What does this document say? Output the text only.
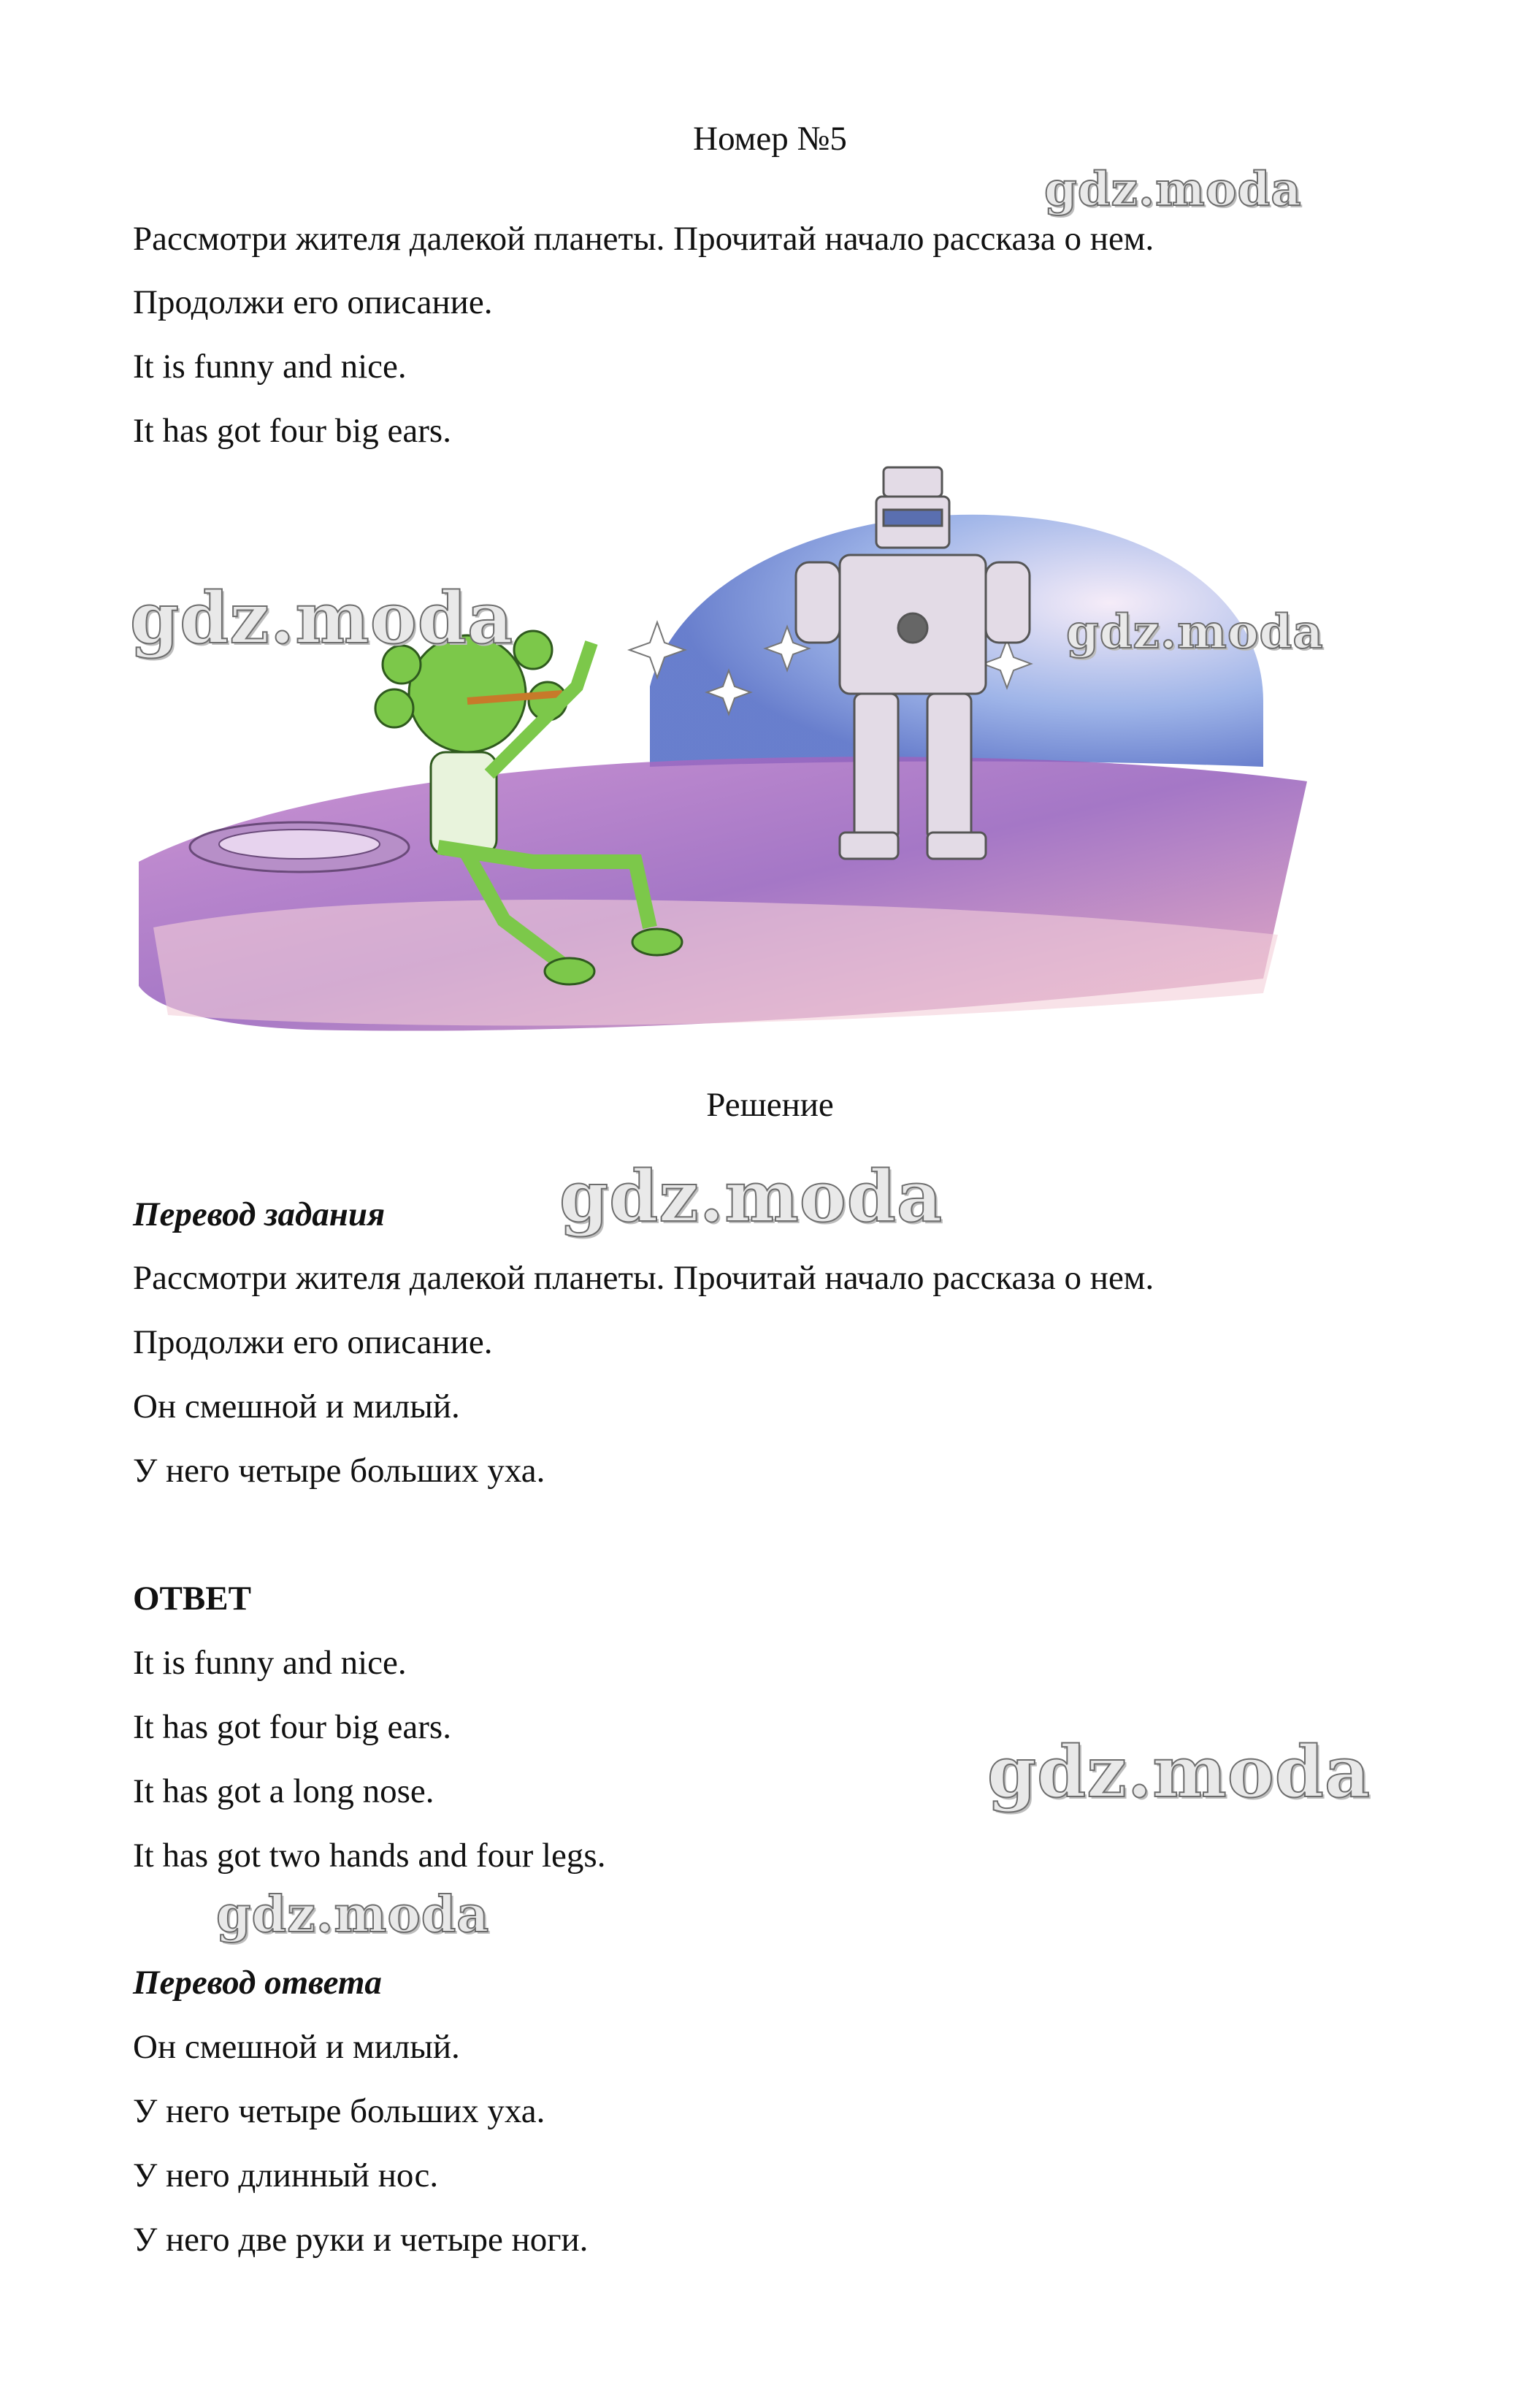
Номер №5
Рассмотри жителя далекой планеты. Прочитай начало рассказа о нем.
Продолжи его описание.
It is funny and nice.
It has got four big ears.
Решение
Перевод задания
Рассмотри жителя далекой планеты. Прочитай начало рассказа о нем.
Продолжи его описание.
Он смешной и милый.
У него четыре больших уха.
ОТВЕТ
It is funny and nice.
It has got four big ears.
It has got a long nose.
It has got two hands and four legs.
Перевод ответа
Он смешной и милый.
У него четыре больших уха.
У него длинный нос.
У него две руки и четыре ноги.
gdz.moda
gdz.moda	gdz.moda
gdz.moda
gdz.moda
gdz.moda
